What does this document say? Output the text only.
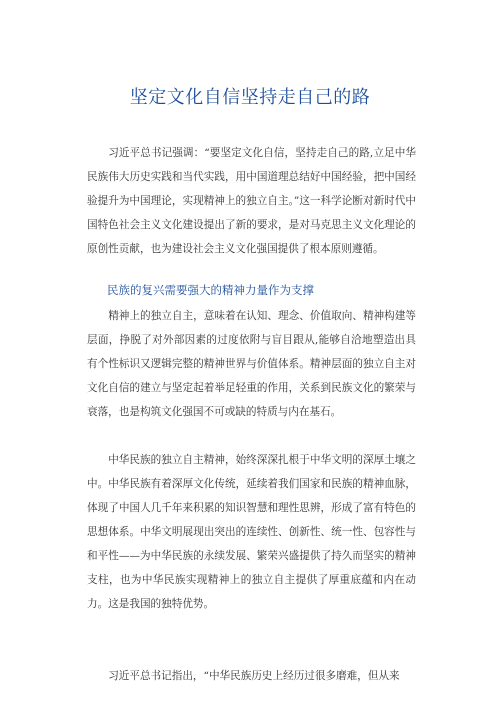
坚定文化自信坚持走自己的路

习近平总书记强调：“要坚定文化自信，坚持走自己的路,立足中华民族伟大历史实践和当代实践，用中国道理总结好中国经验，把中国经验提升为中国理论，实现精神上的独立自主。”这一科学论断对新时代中国特色社会主义文化建设提出了新的要求，是对马克思主义文化理论的原创性贡献，也为建设社会主义文化强国提供了根本原则遵循。

民族的复兴需要强大的精神力量作为支撑

精神上的独立自主，意味着在认知、理念、价值取向、精神构建等层面，挣脱了对外部因素的过度依附与盲目跟从,能够自洽地塑造出具有个性标识又逻辑完整的精神世界与价值体系。精神层面的独立自主对文化自信的建立与坚定起着举足轻重的作用，关系到民族文化的繁荣与衰落，也是构筑文化强国不可或缺的特质与内在基石。

中华民族的独立自主精神，始终深深扎根于中华文明的深厚土壤之中。中华民族有着深厚文化传统，延续着我们国家和民族的精神血脉，体现了中国人几千年来积累的知识智慧和理性思辨，形成了富有特色的思想体系。中华文明展现出突出的连续性、创新性、统一性、包容性与和平性——为中华民族的永续发展、繁荣兴盛提供了持久而坚实的精神支柱，也为中华民族实现精神上的独立自主提供了厚重底蕴和内在动力。这是我国的独特优势。

习近平总书记指出，“中华民族历史上经历过很多磨难，但从来
